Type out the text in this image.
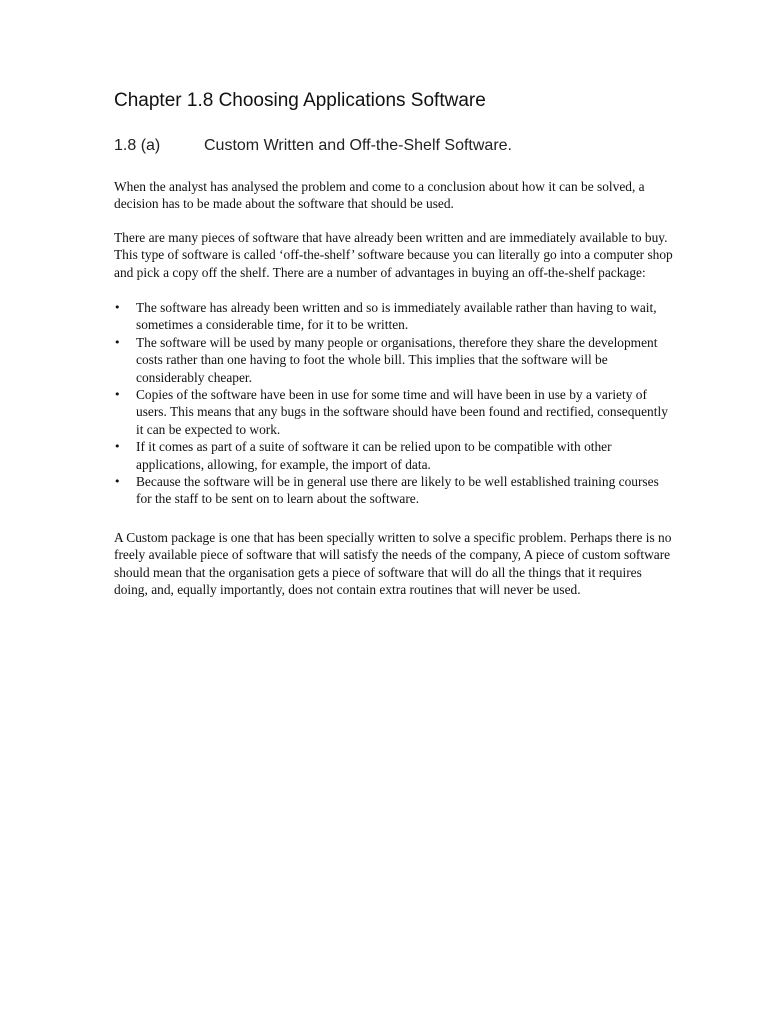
Chapter 1.8 Choosing Applications Software
1.8 (a)	Custom Written and Off-the-Shelf Software.

When the analyst has analysed the problem and come to a conclusion about how it can be solved, a decision has to be made about the software that should be used.

There are many pieces of software that have already been written and are immediately available to buy. This type of software is called ‘off-the-shelf’ software because you can literally go into a computer shop and pick a copy off the shelf. There are a number of advantages in buying an off-the-shelf package:

•	The software has already been written and so is immediately available rather than having to wait, sometimes a considerable time, for it to be written.
•	The software will be used by many people or organisations, therefore they share the development costs rather than one having to foot the whole bill. This implies that the software will be considerably cheaper.
•	Copies of the software have been in use for some time and will have been in use by a variety of users. This means that any bugs in the software should have been found and rectified, consequently it can be expected to work.
•	If it comes as part of a suite of software it can be relied upon to be compatible with other applications, allowing, for example, the import of data.
•	Because the software will be in general use there are likely to be well established training courses for the staff to be sent on to learn about the software.

A Custom package is one that has been specially written to solve a specific problem. Perhaps there is no freely available piece of software that will satisfy the needs of the company, A piece of custom software should mean that the organisation gets a piece of software that will do all the things that it requires doing, and, equally importantly, does not contain extra routines that will never be used.
